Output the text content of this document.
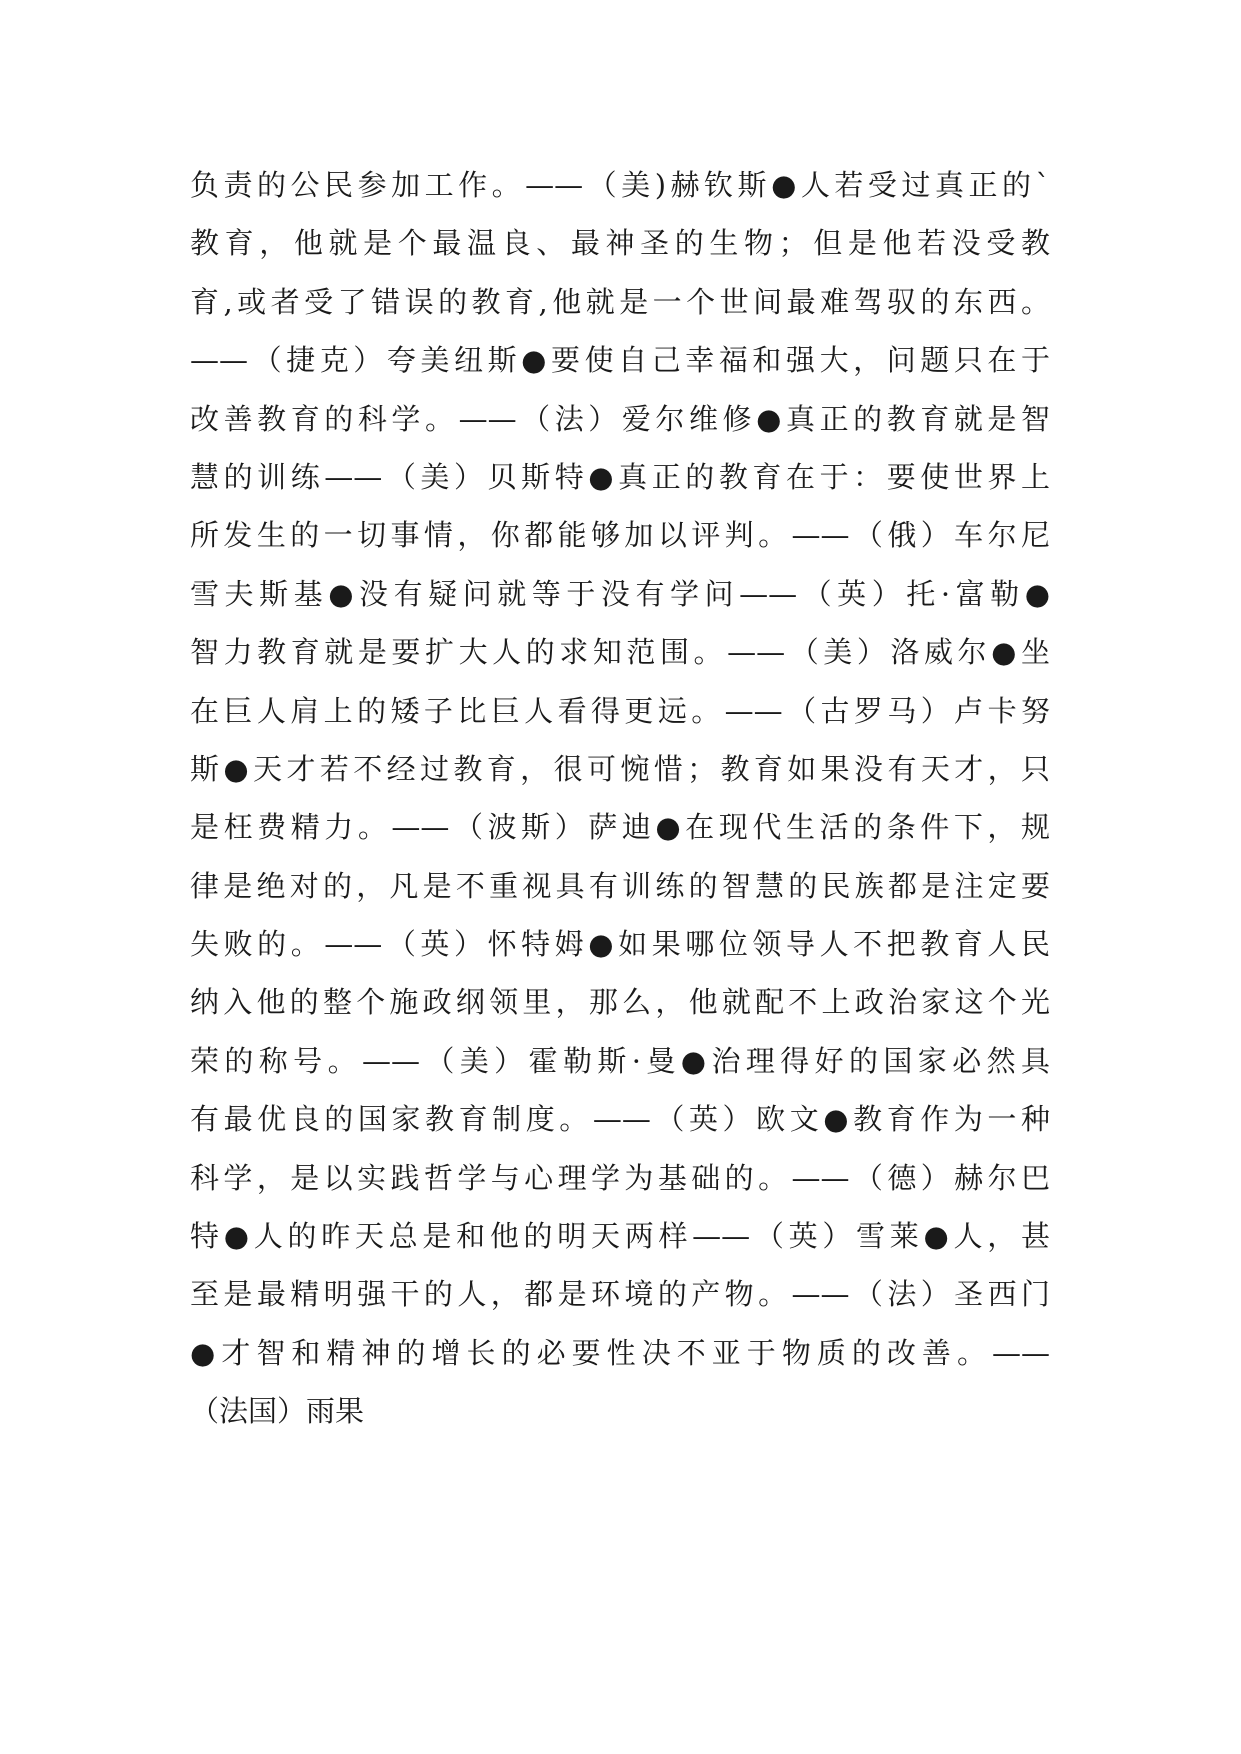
负责的公民参加工作。——（美)赫钦斯●人若受过真正的`
教育，他就是个最温良、最神圣的生物；但是他若没受教
育,或者受了错误的教育,他就是一个世间最难驾驭的东西。
——（捷克）夸美纽斯●要使自己幸福和强大，问题只在于
改善教育的科学。——（法）爱尔维修●真正的教育就是智
慧的训练——（美）贝斯特●真正的教育在于：要使世界上
所发生的一切事情，你都能够加以评判。——（俄）车尔尼
雪夫斯基●没有疑问就等于没有学问——（英）托·富勒●
智力教育就是要扩大人的求知范围。——（美）洛威尔●坐
在巨人肩上的矮子比巨人看得更远。——（古罗马）卢卡努
斯●天才若不经过教育，很可惋惜；教育如果没有天才，只
是枉费精力。——（波斯）萨迪●在现代生活的条件下，规
律是绝对的，凡是不重视具有训练的智慧的民族都是注定要
失败的。——（英）怀特姆●如果哪位领导人不把教育人民
纳入他的整个施政纲领里，那么，他就配不上政治家这个光
荣的称号。——（美）霍勒斯·曼●治理得好的国家必然具
有最优良的国家教育制度。——（英）欧文●教育作为一种
科学，是以实践哲学与心理学为基础的。——（德）赫尔巴
特●人的昨天总是和他的明天两样——（英）雪莱●人，甚
至是最精明强干的人，都是环境的产物。——（法）圣西门
●才智和精神的增长的必要性决不亚于物质的改善。——
（法国）雨果
